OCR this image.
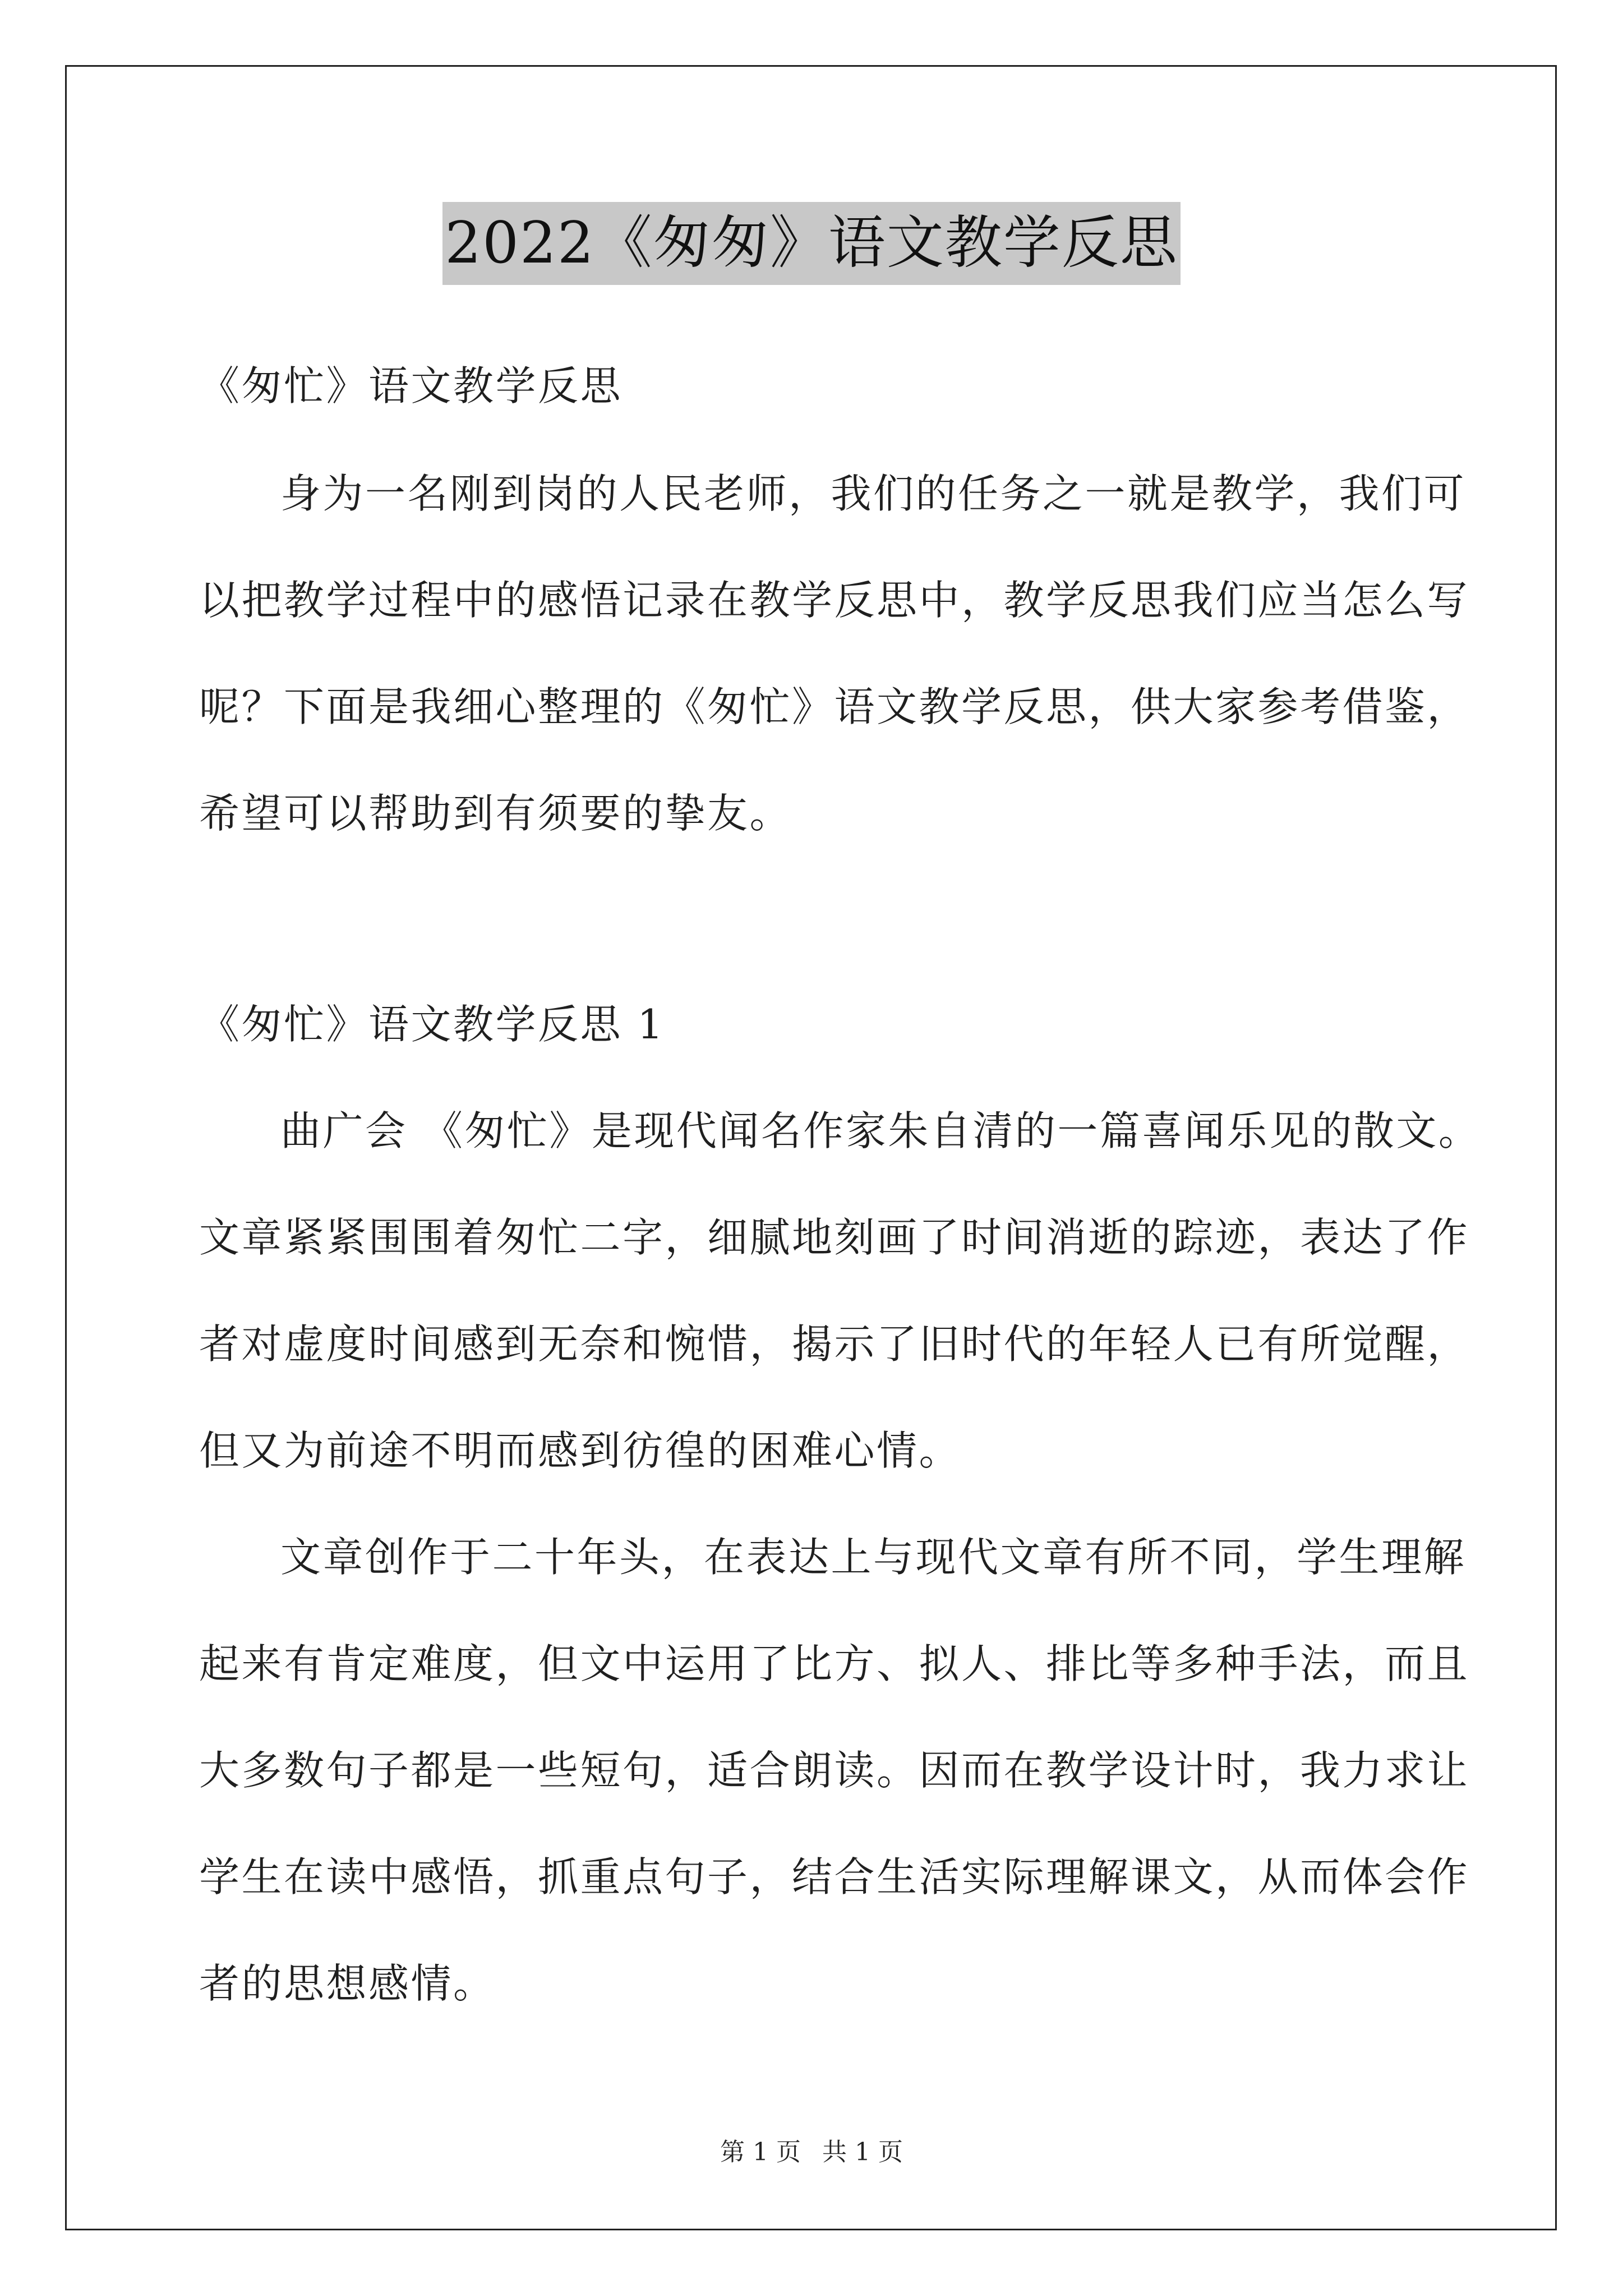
2022《匆匆》语文教学反思
《匆忙》语文教学反思
身为一名刚到岗的人民老师，我们的任务之一就是教学，我们可
以把教学过程中的感悟记录在教学反思中，教学反思我们应当怎么写
呢？下面是我细心整理的《匆忙》语文教学反思，供大家参考借鉴，
希望可以帮助到有须要的挚友。
《匆忙》语文教学反思 1
曲广会 《匆忙》是现代闻名作家朱自清的一篇喜闻乐见的散文。
文章紧紧围围着匆忙二字，细腻地刻画了时间消逝的踪迹，表达了作
者对虚度时间感到无奈和惋惜，揭示了旧时代的年轻人已有所觉醒，
但又为前途不明而感到彷徨的困难心情。
文章创作于二十年头，在表达上与现代文章有所不同，学生理解
起来有肯定难度，但文中运用了比方、拟人、排比等多种手法，而且
大多数句子都是一些短句，适合朗读。因而在教学设计时，我力求让
学生在读中感悟，抓重点句子，结合生活实际理解课文，从而体会作
者的思想感情。
第 1 页 共 1 页
